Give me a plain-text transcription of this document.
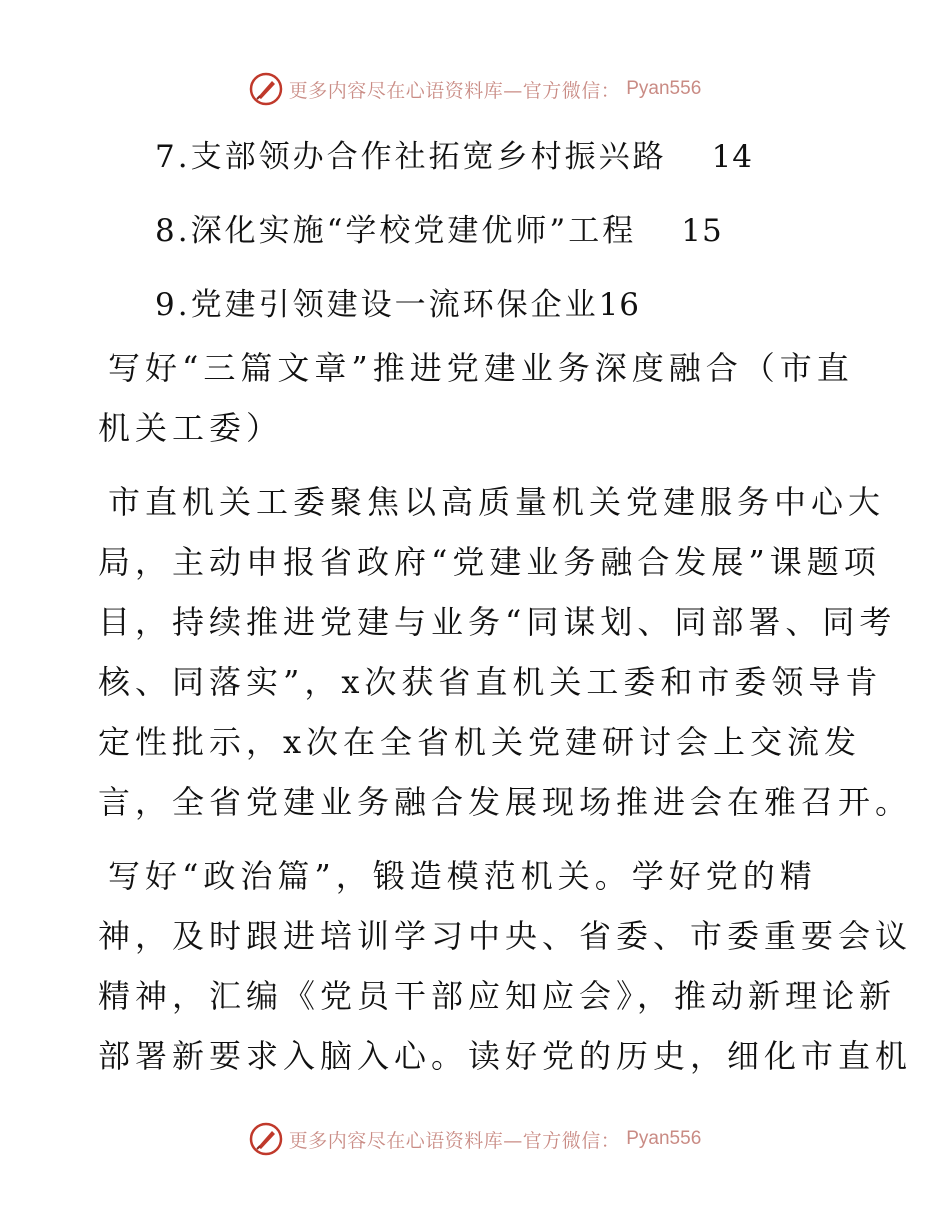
更多内容尽在心语资料库—官方微信： Pyan556
7.支部领办合作社拓宽乡村振兴路 14
8.深化实施“学校党建优师”工程 15
9.党建引领建设一流环保企业 16
写好“三篇文章”推进党建业务深度融合（市直
机关工委）
市直机关工委聚焦以高质量机关党建服务中心大
局，主动申报省政府“党建业务融合发展”课题项
目，持续推进党建与业务“同谋划、同部署、同考
核、同落实”，x次获省直机关工委和市委领导肯
定性批示，x次在全省机关党建研讨会上交流发
言，全省党建业务融合发展现场推进会在雅召开。
写好“政治篇”，锻造模范机关。学好党的精
神，及时跟进培训学习中央、省委、市委重要会议
精神，汇编《党员干部应知应会》，推动新理论新
部署新要求入脑入心。读好党的历史，细化市直机
更多内容尽在心语资料库—官方微信： Pyan556
